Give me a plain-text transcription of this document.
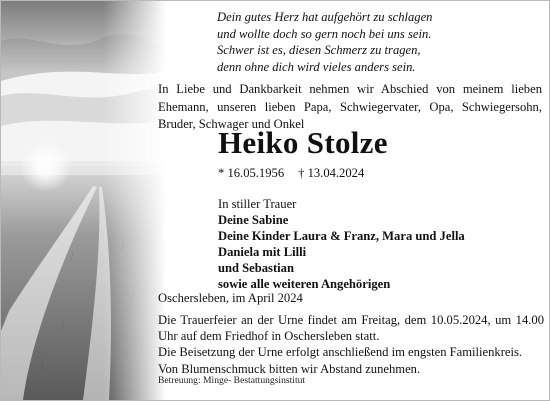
Dein gutes Herz hat aufgehört zu schlagen
und wolltе doch so gern noch bei uns sein.
Schwer ist es, diesen Schmerz zu tragen,
denn ohne dich wird vieles anders sein.
In Liebe und Dankbarkeit nehmen wir Abschied von meinem lieben Ehemann, unseren lieben Papa, Schwiegervater, Opa, Schwiegersohn, Bruder, Schwager und Onkel
Heiko Stolze
* 16.05.1956 † 13.04.2024
In stiller Trauer
Deine Sabine
Deine Kinder Laura & Franz, Mara und Jella
Daniela mit Lilli
und Sebastian
sowie alle weiteren Angehörigen
Oschersleben, im April 2024
Die Trauerfeier an der Urne findet am Freitag, dem 10.05.2024, um 14.00 Uhr auf dem Friedhof in Oschersleben statt.
Die Beisetzung der Urne erfolgt anschließend im engsten Familienkreis.
Von Blumenschmuck bitten wir Abstand zunehmen.
Betreuung: Minge- Bestattungsinstitut
